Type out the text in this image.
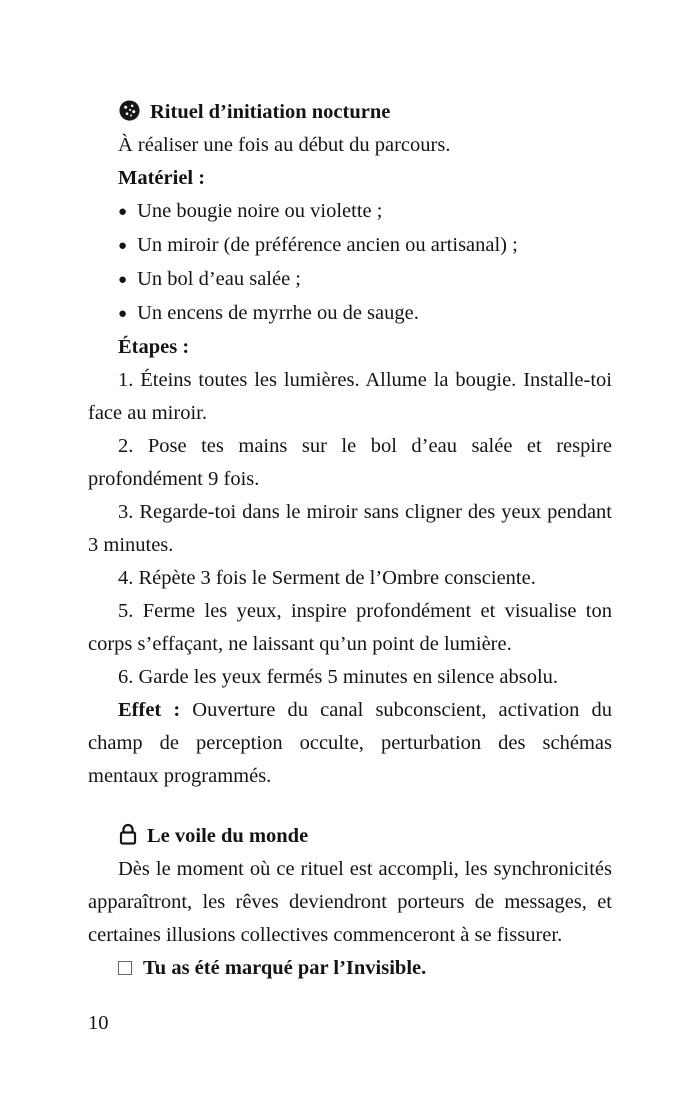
Rituel d’initiation nocturne

À réaliser une fois au début du parcours.

Matériel :

● Une bougie noire ou violette ;
● Un miroir (de préférence ancien ou artisanal) ;
● Un bol d’eau salée ;
● Un encens de myrrhe ou de sauge.

Étapes :

1. Éteins toutes les lumières. Allume la bougie. Installe-toi face au miroir.

2. Pose tes mains sur le bol d’eau salée et respire profondément 9 fois.

3. Regarde-toi dans le miroir sans cligner des yeux pendant 3 minutes.

4. Répète 3 fois le Serment de l’Ombre consciente.

5. Ferme les yeux, inspire profondément et visualise ton corps s’effaçant, ne laissant qu’un point de lumière.

6. Garde les yeux fermés 5 minutes en silence absolu.

Effet : Ouverture du canal subconscient, activation du champ de perception occulte, perturbation des schémas mentaux programmés.

Le voile du monde

Dès le moment où ce rituel est accompli, les synchronicités apparaîtront, les rêves deviendront porteurs de messages, et certaines illusions collectives commenceront à se fissurer.

Tu as été marqué par l’Invisible.

10
